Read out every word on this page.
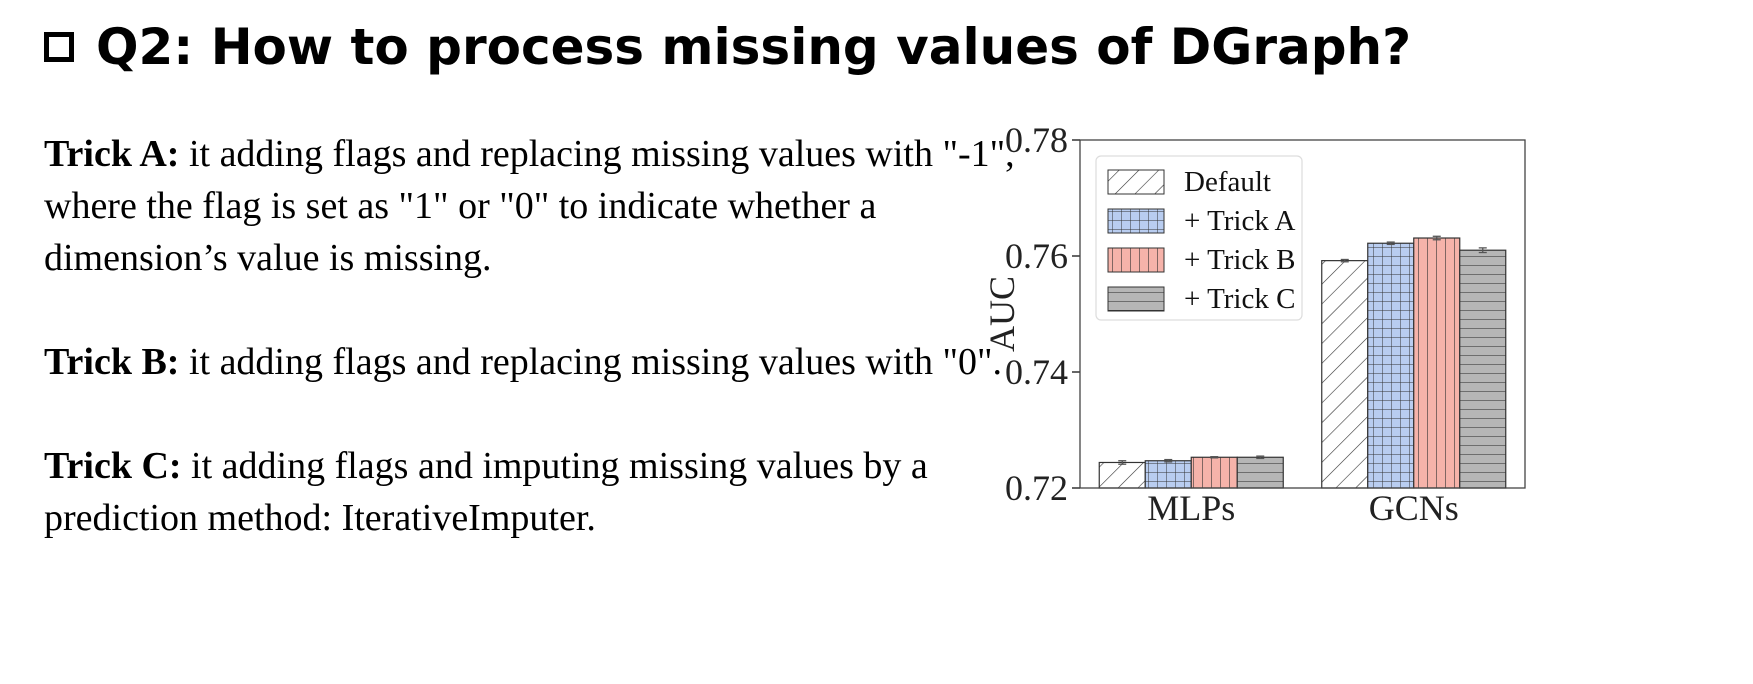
Q2: How to process missing values of DGraph?

Trick A: it adding flags and replacing missing values with "-1", where the flag is set as "1" or "0" to indicate whether a dimension’s value is missing.

Trick B: it adding flags and replacing missing values with "0".

Trick C: it adding flags and imputing missing values by a prediction method: IterativeImputer.

AUC
0.72
0.74
0.76
0.78
MLPs	GCNs
Default
+ Trick A
+ Trick B
+ Trick C
